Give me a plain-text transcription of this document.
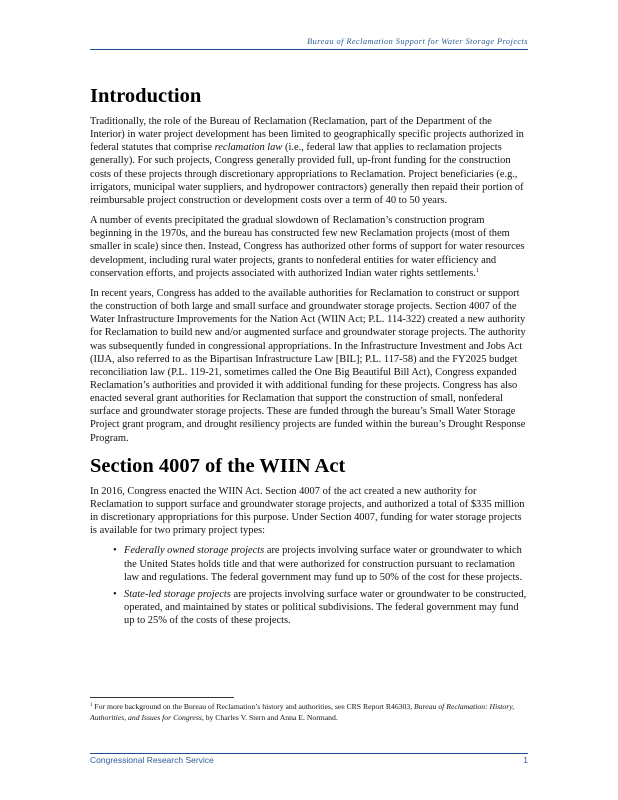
Bureau of Reclamation Support for Water Storage Projects
Introduction

Traditionally, the role of the Bureau of Reclamation (Reclamation, part of the Department of the Interior) in water project development has been limited to geographically specific projects authorized in federal statutes that comprise reclamation law (i.e., federal law that applies to reclamation projects generally). For such projects, Congress generally provided full, up-front funding for the construction costs of these projects through discretionary appropriations to Reclamation. Project beneficiaries (e.g., irrigators, municipal water suppliers, and hydropower contractors) generally then repaid their portion of reimbursable project construction or development costs over a term of 40 to 50 years.

A number of events precipitated the gradual slowdown of Reclamation’s construction program beginning in the 1970s, and the bureau has constructed few new Reclamation projects (most of them smaller in scale) since then. Instead, Congress has authorized other forms of support for water resources development, including rural water projects, grants to nonfederal entities for water efficiency and conservation efforts, and projects associated with authorized Indian water rights settlements.$^1$

In recent years, Congress has added to the available authorities for Reclamation to construct or support the construction of both large and small surface and groundwater storage projects. Section 4007 of the Water Infrastructure Improvements for the Nation Act (WIIN Act; P.L. 114-322) created a new authority for Reclamation to build new and/or augmented surface and groundwater storage projects. The authority was subsequently funded in congressional appropriations. In the Infrastructure Investment and Jobs Act (IIJA, also referred to as the Bipartisan Infrastructure Law [BIL]; P.L. 117-58) and the FY2025 budget reconciliation law (P.L. 119-21, sometimes called the One Big Beautiful Bill Act), Congress expanded Reclamation’s authorities and provided it with additional funding for these projects. Congress has also enacted several grant authorities for Reclamation that support the construction of small, nonfederal surface and groundwater storage projects. These are funded through the bureau’s Small Water Storage Project grant program, and drought resiliency projects are funded within the bureau’s Drought Response Program.

Section 4007 of the WIIN Act

In 2016, Congress enacted the WIIN Act. Section 4007 of the act created a new authority for Reclamation to support surface and groundwater storage projects, and authorized a total of $335 million in discretionary appropriations for this purpose. Under Section 4007, funding for water storage projects is available for two primary project types:

• Federally owned storage projects are projects involving surface water or groundwater to which the United States holds title and that were authorized for construction pursuant to reclamation law and regulations. The federal government may fund up to 50% of the cost for these projects.
• State-led storage projects are projects involving surface water or groundwater to be constructed, operated, and maintained by states or political subdivisions. The federal government may fund up to 25% of the costs of these projects.
$^1$ For more background on the Bureau of Reclamation’s history and authorities, see CRS Report R46303, Bureau of Reclamation: History, Authorities, and Issues for Congress, by Charles V. Stern and Anna E. Normand.
Congressional Research Service	1
